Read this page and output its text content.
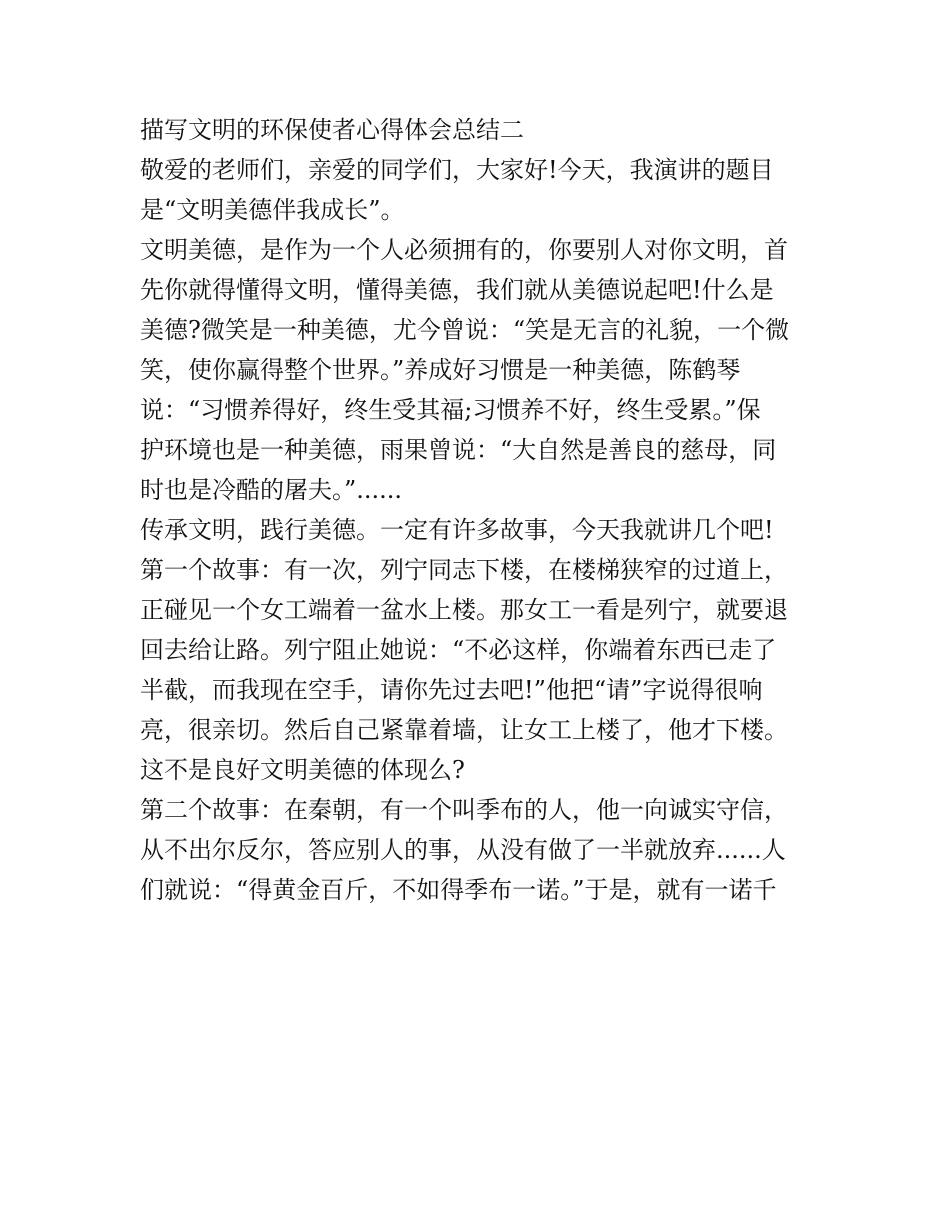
描写文明的环保使者心得体会总结二
敬爱的老师们，亲爱的同学们，大家好!今天，我演讲的题目
是“文明美德伴我成长”。
文明美德，是作为一个人必须拥有的，你要别人对你文明，首
先你就得懂得文明，懂得美德，我们就从美德说起吧!什么是
美德?微笑是一种美德，尤今曾说：“笑是无言的礼貌，一个微
笑，使你赢得整个世界。”养成好习惯是一种美德，陈鹤琴
说：“习惯养得好，终生受其福;习惯养不好，终生受累。”保
护环境也是一种美德，雨果曾说：“大自然是善良的慈母，同
时也是冷酷的屠夫。”......
传承文明，践行美德。一定有许多故事，今天我就讲几个吧!
第一个故事：有一次，列宁同志下楼，在楼梯狭窄的过道上，
正碰见一个女工端着一盆水上楼。那女工一看是列宁，就要退
回去给让路。列宁阻止她说：“不必这样，你端着东西已走了
半截，而我现在空手，请你先过去吧!”他把“请”字说得很响
亮，很亲切。然后自己紧靠着墙，让女工上楼了，他才下楼。
这不是良好文明美德的体现么?
第二个故事：在秦朝，有一个叫季布的人，他一向诚实守信，
从不出尔反尔，答应别人的事，从没有做了一半就放弃......人
们就说：“得黄金百斤，不如得季布一诺。”于是，就有一诺千
